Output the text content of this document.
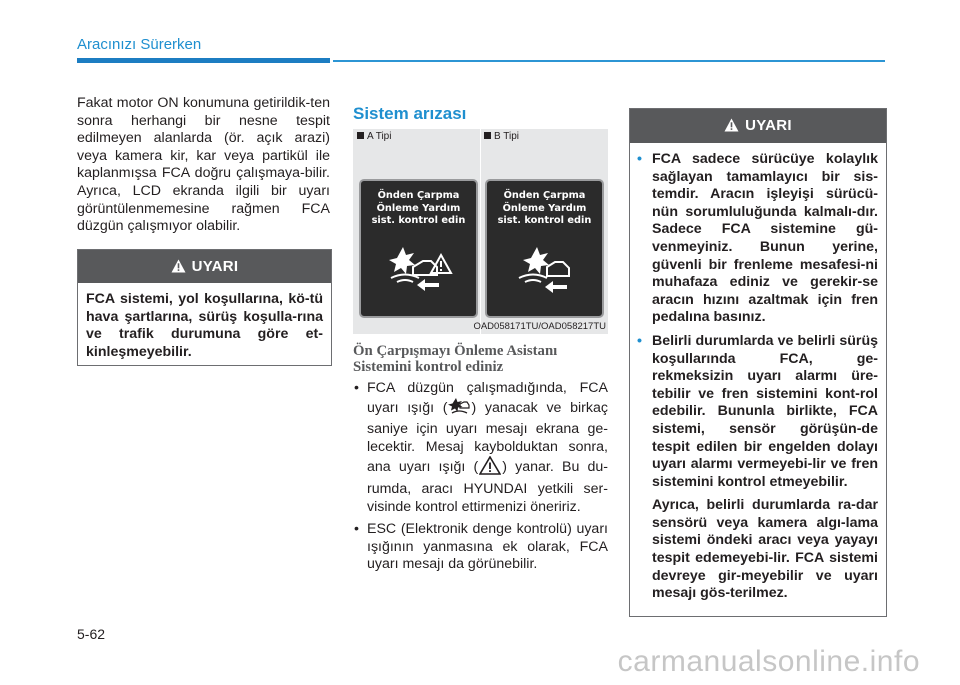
Aracınızı Sürerken

Fakat motor ON konumuna getirildik-ten sonra herhangi bir nesne tespit edilmeyen alanlarda (ör. açık arazi) veya kamera kir, kar veya partikül ile kaplanmışsa FCA doğru çalışmaya-bilir. Ayrıca, LCD ekranda ilgili bir uyarı görüntülenmemesine rağmen FCA düzgün çalışmıyor olabilir.

UYARI
FCA sistemi, yol koşullarına, kö-tü hava şartlarına, sürüş koşulla-rına ve trafik durumuna göre et-kinleşmeyebilir.

Sistem arızası

A Tipi	B Tipi
Önden Çarpma
Önleme Yardım
sist. kontrol edin
Önden Çarpma
Önleme Yardım
sist. kontrol edin
OAD058171TU/OAD058217TU
Ön Çarpışmayı Önleme Asistanı
Sistemini kontrol ediniz
• FCA düzgün çalışmadığında, FCA uyarı ışığı ( ) yanacak ve birkaç saniye için uyarı mesajı ekrana ge-lecektir. Mesaj kaybolduktan sonra, ana uyarı ışığı ( ) yanar. Bu du-rumda, aracı HYUNDAI yetkili ser-visinde kontrol ettirmenizi öneririz.
• ESC (Elektronik denge kontrolü) uyarı ışığının yanmasına ek olarak, FCA uyarı mesajı da görünebilir.
UYARI
• FCA sadece sürücüye kolaylık sağlayan tamamlayıcı bir sis-temdir. Aracın işleyişi sürücü-nün sorumluluğunda kalmalı-dır. Sadece FCA sistemine gü-venmeyiniz. Bunun yerine, güvenli bir frenleme mesafesi-ni muhafaza ediniz ve gerekir-se aracın hızını azaltmak için fren pedalına basınız.

• Belirli durumlarda ve belirli sürüş koşullarında FCA, ge-rekmeksizin uyarı alarmı üre-tebilir ve fren sistemini kont-rol edebilir. Bununla birlikte, FCA sistemi, sensör görüşün-de tespit edilen bir engelden dolayı uyarı alarmı vermeyebi-lir ve fren sistemini kontrol etmeyebilir.

Ayrıca, belirli durumlarda ra-dar sensörü veya kamera algı-lama sistemi öndeki aracı veya yayayı tespit edemeyebi-lir. FCA sistemi devreye gir-meyebilir ve uyarı mesajı gös-terilmez.

5-62
carmanualsonline.info
